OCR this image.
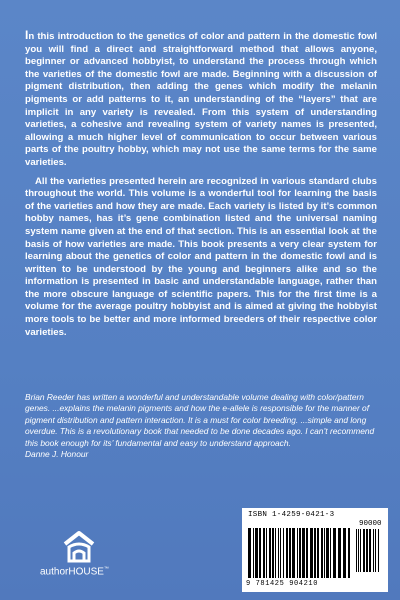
In this introduction to the genetics of color and pattern in the domestic fowl you will find a direct and straightforward method that allows anyone, beginner or advanced hobbyist, to understand the process through which the varieties of the domestic fowl are made. Beginning with a discussion of pigment distribution, then adding the genes which modify the melanin pigments or add patterns to it, an understanding of the “layers” that are implicit in any variety is revealed. From this system of understanding varieties, a cohesive and revealing system of variety names is presented, allowing a much higher level of communication to occur between various parts of the poultry hobby, which may not use the same terms for the same varieties.

All the varieties presented herein are recognized in various standard clubs throughout the world. This volume is a wonderful tool for learning the basis of the varieties and how they are made. Each variety is listed by it’s common hobby names, has it’s gene combination listed and the universal naming system name given at the end of that section. This is an essential look at the basis of how varieties are made. This book presents a very clear system for learning about the genetics of color and pattern in the domestic fowl and is written to be understood by the young and beginners alike and so the information is presented in basic and understandable language, rather than the more obscure language of scientific papers. This for the first time is a volume for the average poultry hobbyist and is aimed at giving the hobbyist more tools to be better and more informed breeders of their respective color varieties.

Brian Reeder has written a wonderful and understandable volume dealing with color/pattern genes. ...explains the melanin pigments and how the e-allele is responsible for the manner of pigment distribution and pattern interaction. It is a must for color breeding. ...simple and long overdue. This is a revolutionary book that needed to be done decades ago. I can’t recommend this book enough for its’ fundamental and easy to understand approach.
Danne J. Honour
authorHOUSE™
ISBN 1-4259-0421-3
90000
9 781425 904210
